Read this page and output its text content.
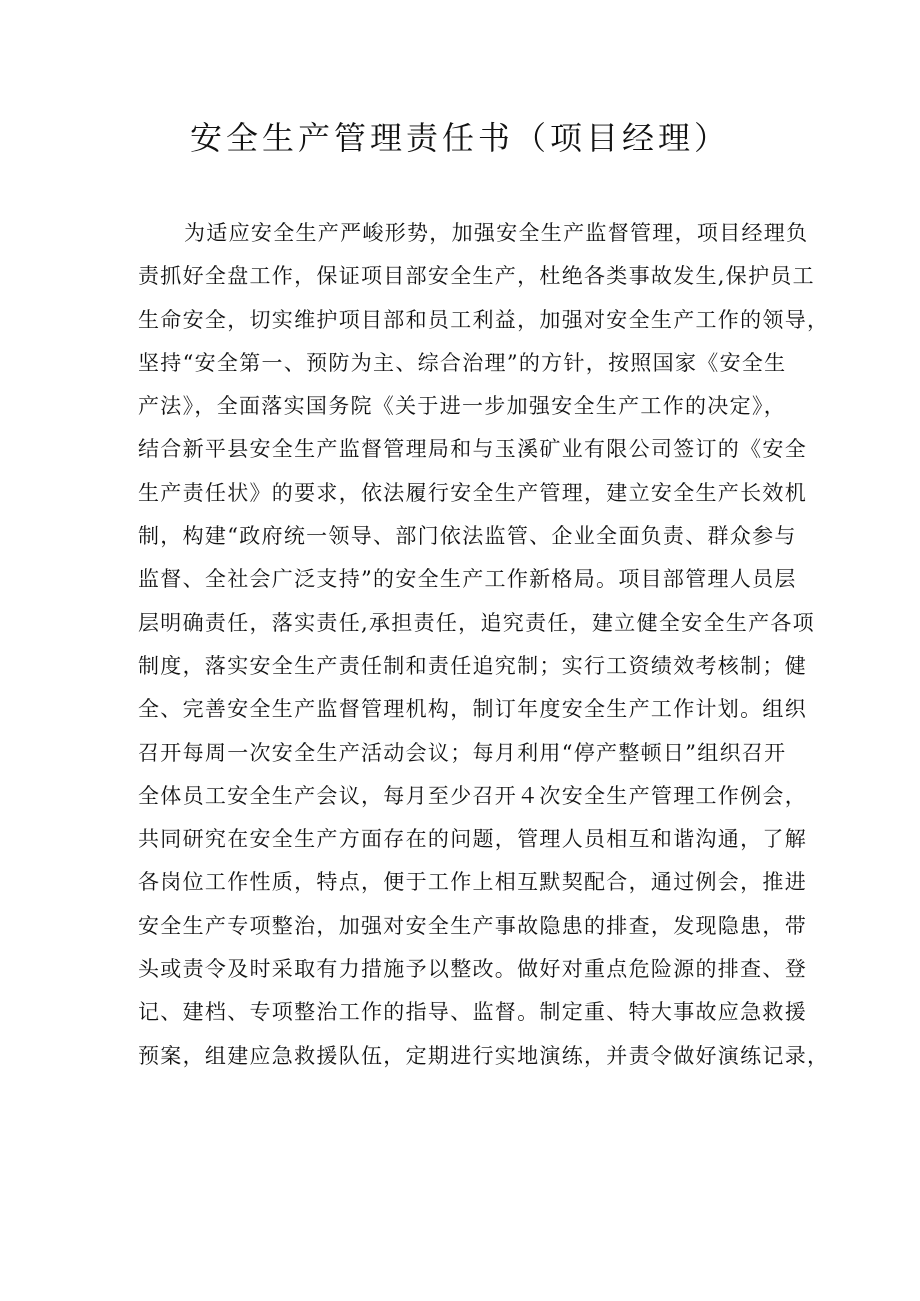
安全生产管理责任书（项目经理）
为适应安全生产严峻形势，加强安全生产监督管理，项目经理负
责抓好全盘工作，保证项目部安全生产，杜绝各类事故发生,保护员工
生命安全，切实维护项目部和员工利益，加强对安全生产工作的领导，
坚持“安全第一、预防为主、综合治理”的方针，按照国家《安全生
产法》，全面落实国务院《关于进一步加强安全生产工作的决定》，
结合新平县安全生产监督管理局和与玉溪矿业有限公司签订的《安全
生产责任状》的要求，依法履行安全生产管理，建立安全生产长效机
制，构建“政府统一领导、部门依法监管、企业全面负责、群众参与
监督、全社会广泛支持”的安全生产工作新格局。项目部管理人员层
层明确责任，落实责任,承担责任，追究责任，建立健全安全生产各项
制度，落实安全生产责任制和责任追究制；实行工资绩效考核制；健
全、完善安全生产监督管理机构，制订年度安全生产工作计划。组织
召开每周一次安全生产活动会议；每月利用“停产整顿日”组织召开
全体员工安全生产会议，每月至少召开４次安全生产管理工作例会，
共同研究在安全生产方面存在的问题，管理人员相互和谐沟通，了解
各岗位工作性质，特点，便于工作上相互默契配合，通过例会，推进
安全生产专项整治，加强对安全生产事故隐患的排查，发现隐患，带
头或责令及时采取有力措施予以整改。做好对重点危险源的排查、登
记、建档、专项整治工作的指导、监督。制定重、特大事故应急救援
预案，组建应急救援队伍，定期进行实地演练，并责令做好演练记录，
